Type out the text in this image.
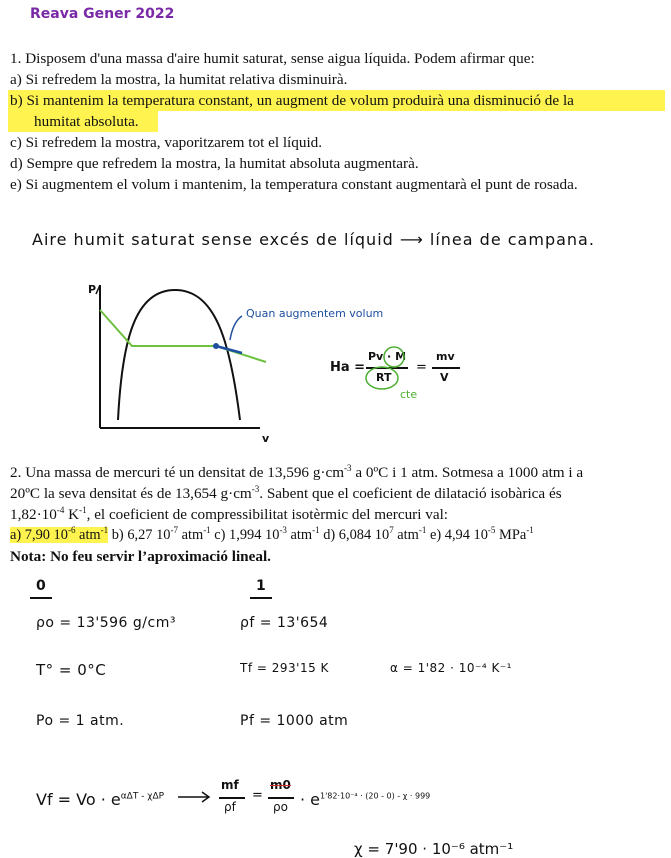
Reava Gener 2022
1. Disposem d'una massa d'aire humit saturat, sense aigua líquida. Podem afirmar que:
a) Si refredem la mostra, la humitat relativa disminuirà.
b) Si mantenim la temperatura constant, un augment de volum produirà una disminució de la
humitat absoluta.
c) Si refredem la mostra, vaporitzarem tot el líquid.
d) Sempre que refredem la mostra, la humitat absoluta augmentarà.
e) Si augmentem el volum i mantenim, la temperatura constant augmentarà el punt de rosada.
Aire humit saturat sense excés de líquid ⟶ línea de campana.
P
v
Quan augmentem volum
Ha =
Pv · M
RT
cte
=
mv
V
2. Una massa de mercuri té un densitat de 13,596 $g\cdot cm^{-3}$ a 0ºC i 1 atm. Sotmesa a 1000 atm i a
20ºC la seva densitat és de 13,654 $g\cdot cm^{-3}$. Sabent que el coeficient de dilatació isobàrica és
$1,82\cdot 10^{-4}$ $K^{-1}$, el coeficient de compressibilitat isotèrmic del mercuri val:
a) 7,90 $10^{-6}$ atm$^{-1}$ b) 6,27 $10^{-7}$ atm$^{-1}$ c) 1,994 $10^{-3}$ atm$^{-1}$ d) 6,084 $10^7$ atm$^{-1}$ e) 4,94 $10^{-5}$ MPa$^{-1}$
Nota: No feu servir l’aproximació lineal.
0	1
ρo = 13'596 g/cm³	ρf = 13'654
T° = 0°C	Tf = 293'15 K	α = 1'82 · 10⁻⁴ K⁻¹
Po = 1 atm.	Pf = 1000 atm
$Vf = Vo \cdot e^{\alpha\Delta T - \chi\Delta P}$
mf
ρf
=
m0
$\rho o \cdot e^{1'82\cdot 10^{-4} \cdot (20 - 0) - \chi \cdot 999}$
χ = 7'90 · 10⁻⁶ atm⁻¹
